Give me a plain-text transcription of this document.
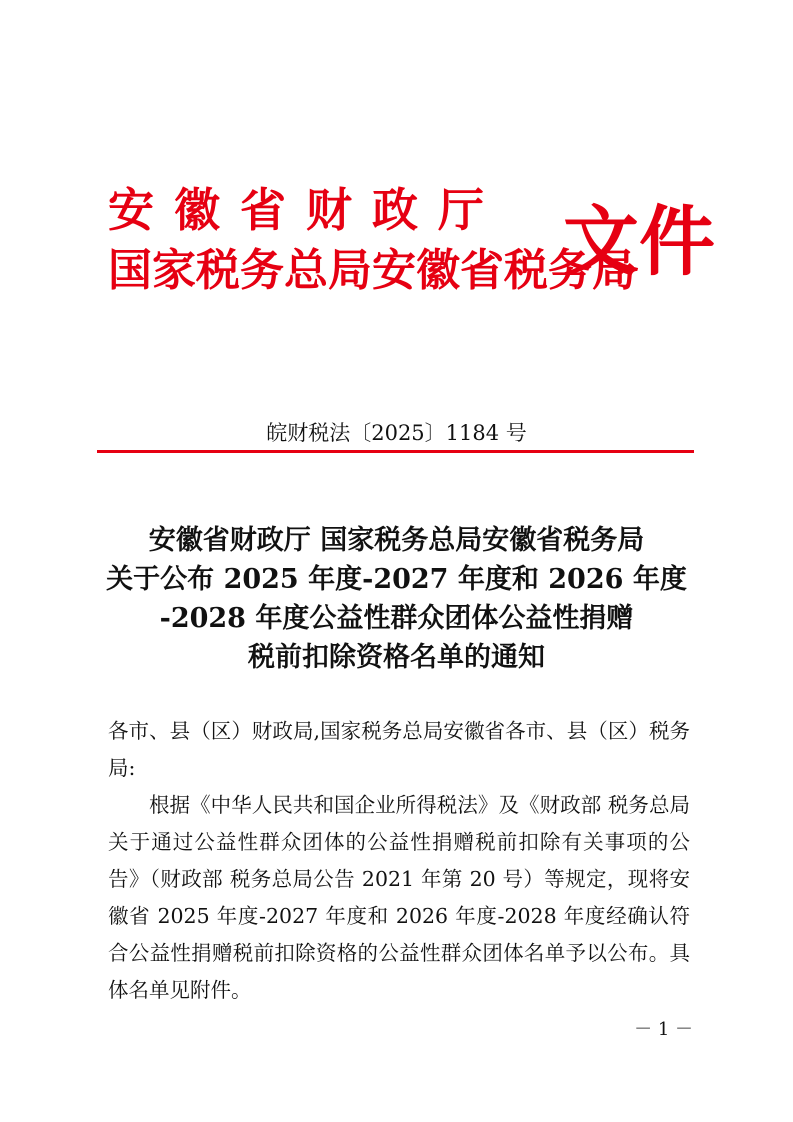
安徽省财政厅
国家税务总局安徽省税务局
文件
皖财税法〔2025〕1184 号
安徽省财政厅 国家税务总局安徽省税务局
关于公布 2025 年度-2027 年度和 2026 年度
-2028 年度公益性群众团体公益性捐赠
税前扣除资格名单的通知

各市、县（区）财政局,国家税务总局安徽省各市、县（区）税务局:

根据《中华人民共和国企业所得税法》及《财政部 税务总局关于通过公益性群众团体的公益性捐赠税前扣除有关事项的公告》（财政部 税务总局公告 2021 年第 20 号）等规定，现将安徽省 2025 年度-2027 年度和 2026 年度-2028 年度经确认符合公益性捐赠税前扣除资格的公益性群众团体名单予以公布。具体名单见附件。

－ 1 －
